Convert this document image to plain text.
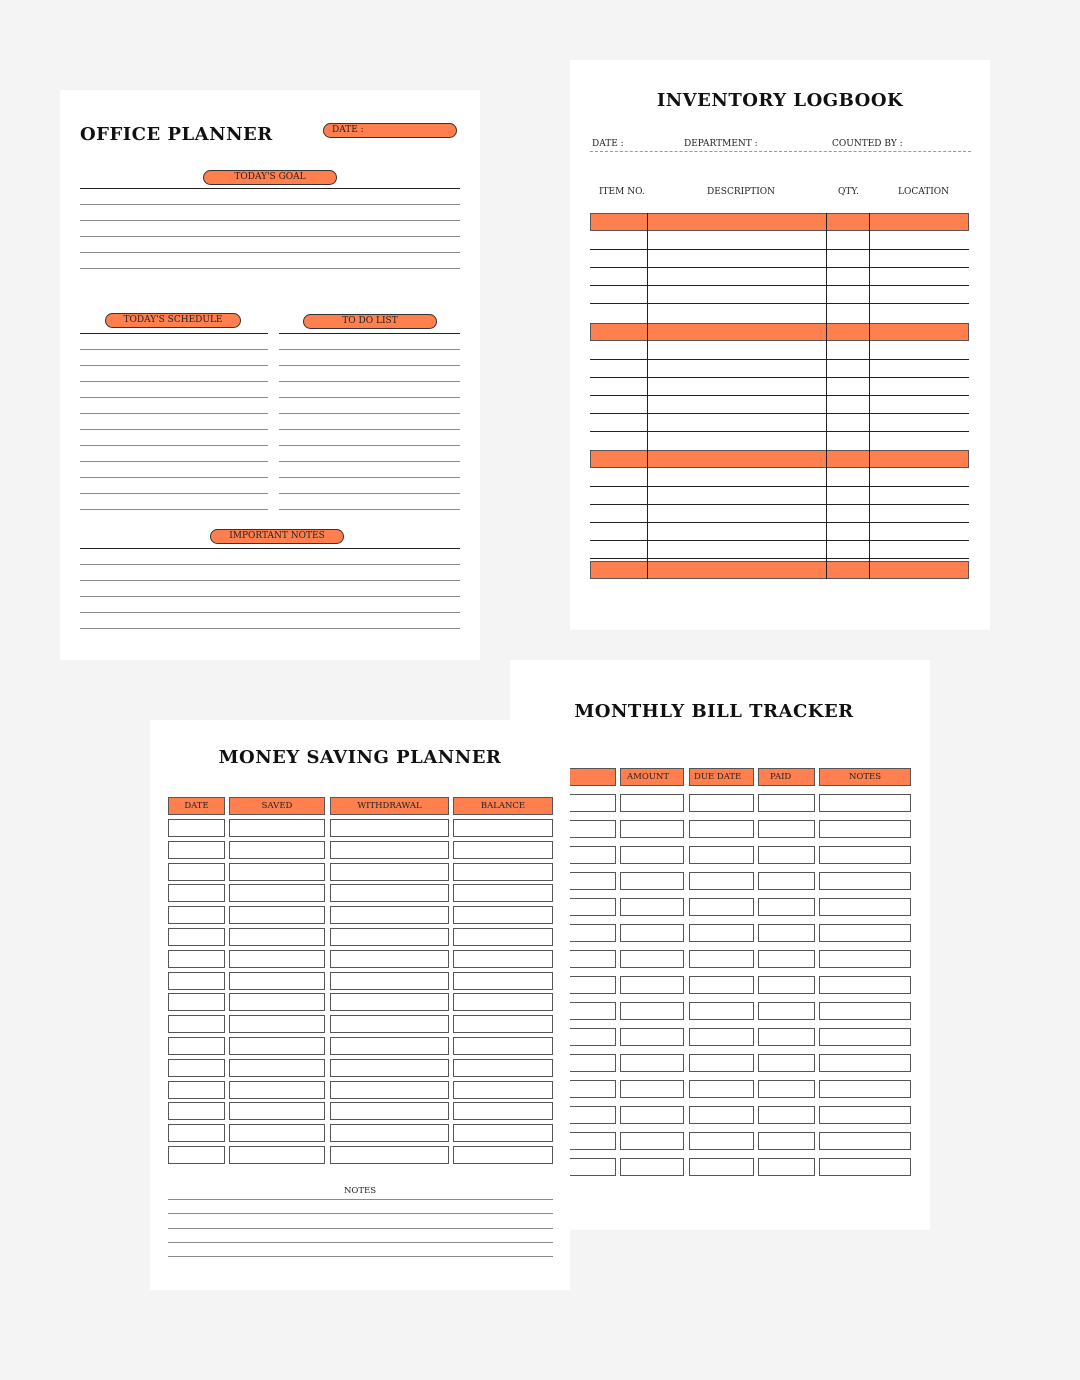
OFFICE PLANNER	DATE :
TODAY'S GOAL
TODAY'S SCHEDULE	TO DO LIST
IMPORTANT NOTES
INVENTORY LOGBOOK
DATE :	DEPARTMENT :	COUNTED BY :
ITEM NO.	DESCRIPTION	QTY.	LOCATION
MONTHLY BILL TRACKER
AMOUNT	DUE DATE	PAID	NOTES
MONEY SAVING PLANNER
DATE	SAVED	WITHDRAWAL	BALANCE
NOTES
